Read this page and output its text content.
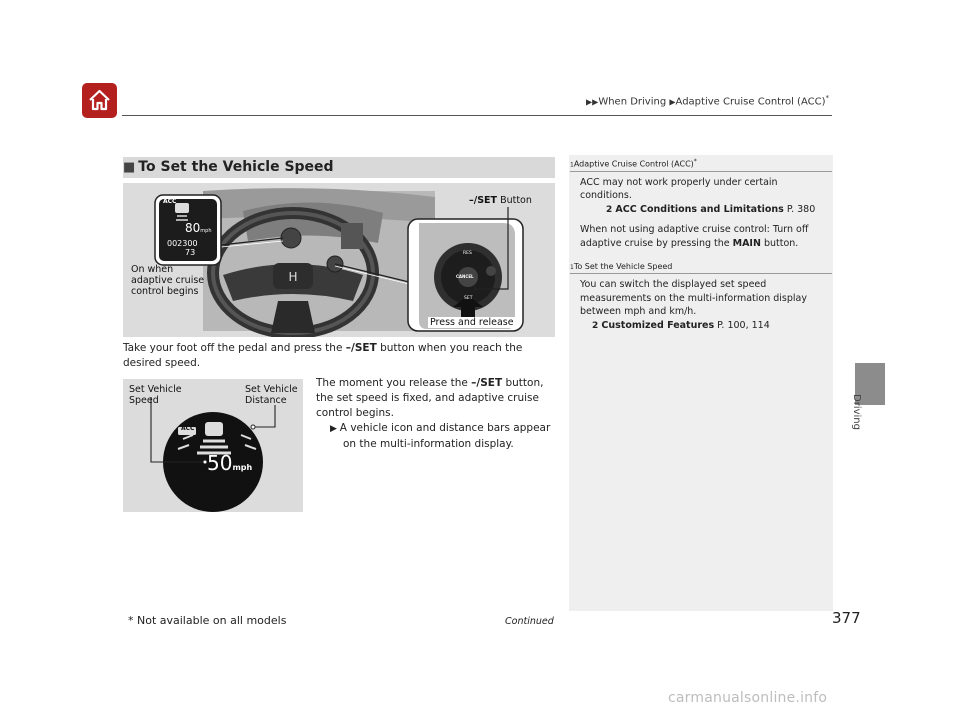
▶▶When Driving ▶Adaptive Cruise Control (ACC)*
Driving
■ To Set the Vehicle Speed
H
ACC
80mph
002300
73	RES
CANCEL
SET
On when
adaptive cruise
control begins
–/SET Button
Press and release
Take your foot off the pedal and press the –/SET button when you reach the desired speed.
ACC
50mph
Set Vehicle
Speed
Set Vehicle
Distance
The moment you release the –/SET button, the set speed is fixed, and adaptive cruise control begins.
▶ A vehicle icon and distance bars appear on the multi-information display.
1Adaptive Cruise Control (ACC)*
ACC may not work properly under certain conditions.
2 ACC Conditions and Limitations P. 380
When not using adaptive cruise control: Turn off adaptive cruise by pressing the MAIN button.
1To Set the Vehicle Speed
You can switch the displayed set speed measurements on the multi-information display between mph and km/h.
2 Customized Features P. 100, 114
* Not available on all models	Continued	377
carmanualsonline.info
